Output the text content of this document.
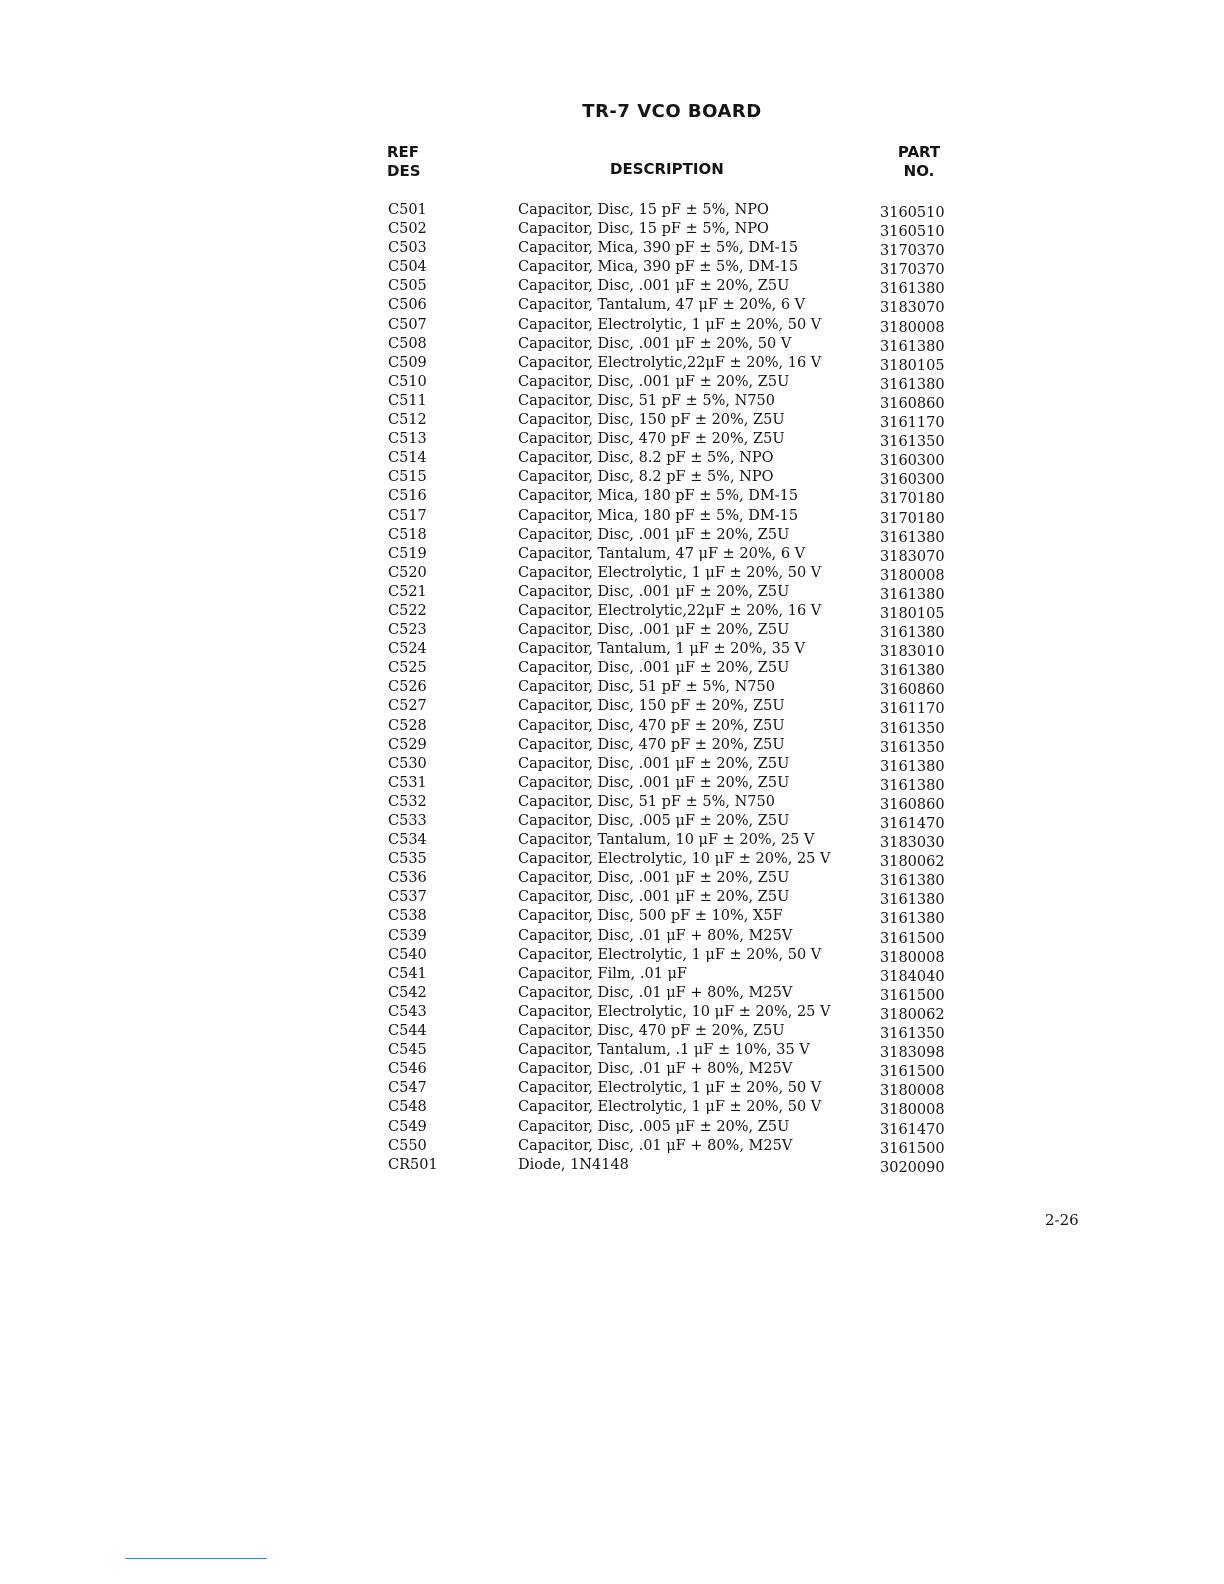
TR-7 VCO BOARD
REF
DES	DESCRIPTION
PART
NO.
C501	Capacitor, Disc, 15 pF ± 5%, NPO	3160510
C502	Capacitor, Disc, 15 pF ± 5%, NPO	3160510
C503	Capacitor, Mica, 390 pF ± 5%, DM-15	3170370
C504	Capacitor, Mica, 390 pF ± 5%, DM-15	3170370
C505	Capacitor, Disc, .001 μF ± 20%, Z5U	3161380
C506	Capacitor, Tantalum, 47 μF ± 20%, 6 V	3183070
C507	Capacitor, Electrolytic, 1 μF ± 20%, 50 V	3180008
C508	Capacitor, Disc, .001 μF ± 20%, 50 V	3161380
C509	Capacitor, Electrolytic,22μF ± 20%, 16 V	3180105
C510	Capacitor, Disc, .001 μF ± 20%, Z5U	3161380
C511	Capacitor, Disc, 51 pF ± 5%, N750	3160860
C512	Capacitor, Disc, 150 pF ± 20%, Z5U	3161170
C513	Capacitor, Disc, 470 pF ± 20%, Z5U	3161350
C514	Capacitor, Disc, 8.2 pF ± 5%, NPO	3160300
C515	Capacitor, Disc, 8.2 pF ± 5%, NPO	3160300
C516	Capacitor, Mica, 180 pF ± 5%, DM-15	3170180
C517	Capacitor, Mica, 180 pF ± 5%, DM-15	3170180
C518	Capacitor, Disc, .001 μF ± 20%, Z5U	3161380
C519	Capacitor, Tantalum, 47 μF ± 20%, 6 V	3183070
C520	Capacitor, Electrolytic, 1 μF ± 20%, 50 V	3180008
C521	Capacitor, Disc, .001 μF ± 20%, Z5U	3161380
C522	Capacitor, Electrolytic,22μF ± 20%, 16 V	3180105
C523	Capacitor, Disc, .001 μF ± 20%, Z5U	3161380
C524	Capacitor, Tantalum, 1 μF ± 20%, 35 V	3183010
C525	Capacitor, Disc, .001 μF ± 20%, Z5U	3161380
C526	Capacitor, Disc, 51 pF ± 5%, N750	3160860
C527	Capacitor, Disc, 150 pF ± 20%, Z5U	3161170
C528	Capacitor, Disc, 470 pF ± 20%, Z5U	3161350
C529	Capacitor, Disc, 470 pF ± 20%, Z5U	3161350
C530	Capacitor, Disc, .001 μF ± 20%, Z5U	3161380
C531	Capacitor, Disc, .001 μF ± 20%, Z5U	3161380
C532	Capacitor, Disc, 51 pF ± 5%, N750	3160860
C533	Capacitor, Disc, .005 μF ± 20%, Z5U	3161470
C534	Capacitor, Tantalum, 10 μF ± 20%, 25 V	3183030
C535	Capacitor, Electrolytic, 10 μF ± 20%, 25 V	3180062
C536	Capacitor, Disc, .001 μF ± 20%, Z5U	3161380
C537	Capacitor, Disc, .001 μF ± 20%, Z5U	3161380
C538	Capacitor, Disc, 500 pF ± 10%, X5F	3161380
C539	Capacitor, Disc, .01 μF + 80%, M25V	3161500
C540	Capacitor, Electrolytic, 1 μF ± 20%, 50 V	3180008
C541	Capacitor, Film, .01 μF	3184040
C542	Capacitor, Disc, .01 μF + 80%, M25V	3161500
C543	Capacitor, Electrolytic, 10 μF ± 20%, 25 V	3180062
C544	Capacitor, Disc, 470 pF ± 20%, Z5U	3161350
C545	Capacitor, Tantalum, .1 μF ± 10%, 35 V	3183098
C546	Capacitor, Disc, .01 μF + 80%, M25V	3161500
C547	Capacitor, Electrolytic, 1 μF ± 20%, 50 V	3180008
C548	Capacitor, Electrolytic, 1 μF ± 20%, 50 V	3180008
C549	Capacitor, Disc, .005 μF ± 20%, Z5U	3161470
C550	Capacitor, Disc, .01 μF + 80%, M25V	3161500
CR501	Diode, 1N4148	3020090
2-26
